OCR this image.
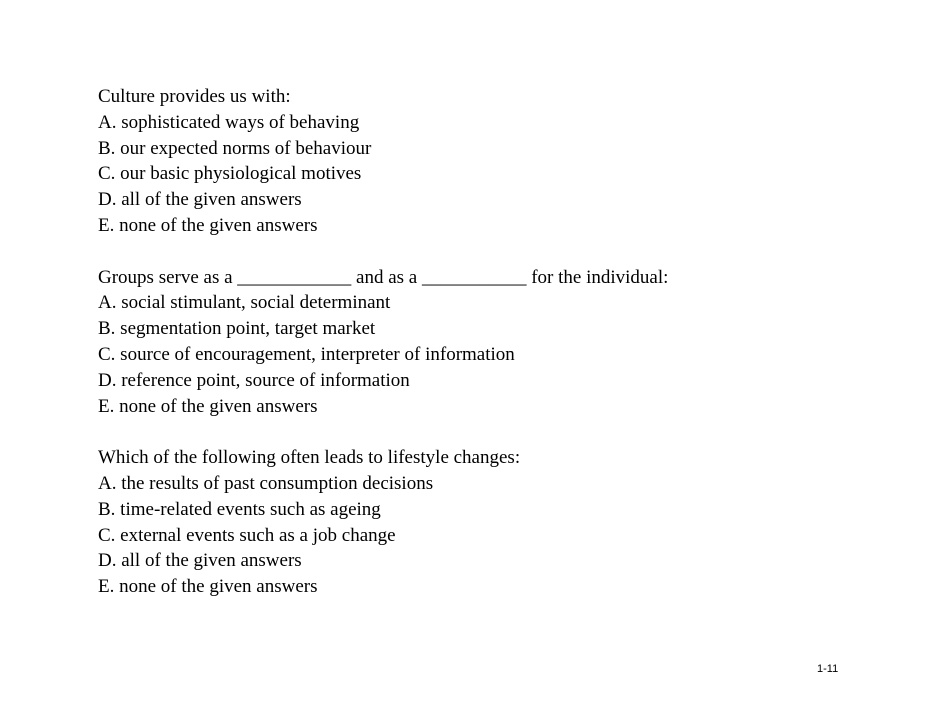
Culture provides us with:
A. sophisticated ways of behaving
B. our expected norms of behaviour
C. our basic physiological motives
D. all of the given answers
E. none of the given answers
Groups serve as a ____________ and as a ___________ for the individual:
A. social stimulant, social determinant
B. segmentation point, target market
C. source of encouragement, interpreter of information
D. reference point, source of information
E. none of the given answers
Which of the following often leads to lifestyle changes:
A. the results of past consumption decisions
B. time-related events such as ageing
C. external events such as a job change
D. all of the given answers
E. none of the given answers
1-11
